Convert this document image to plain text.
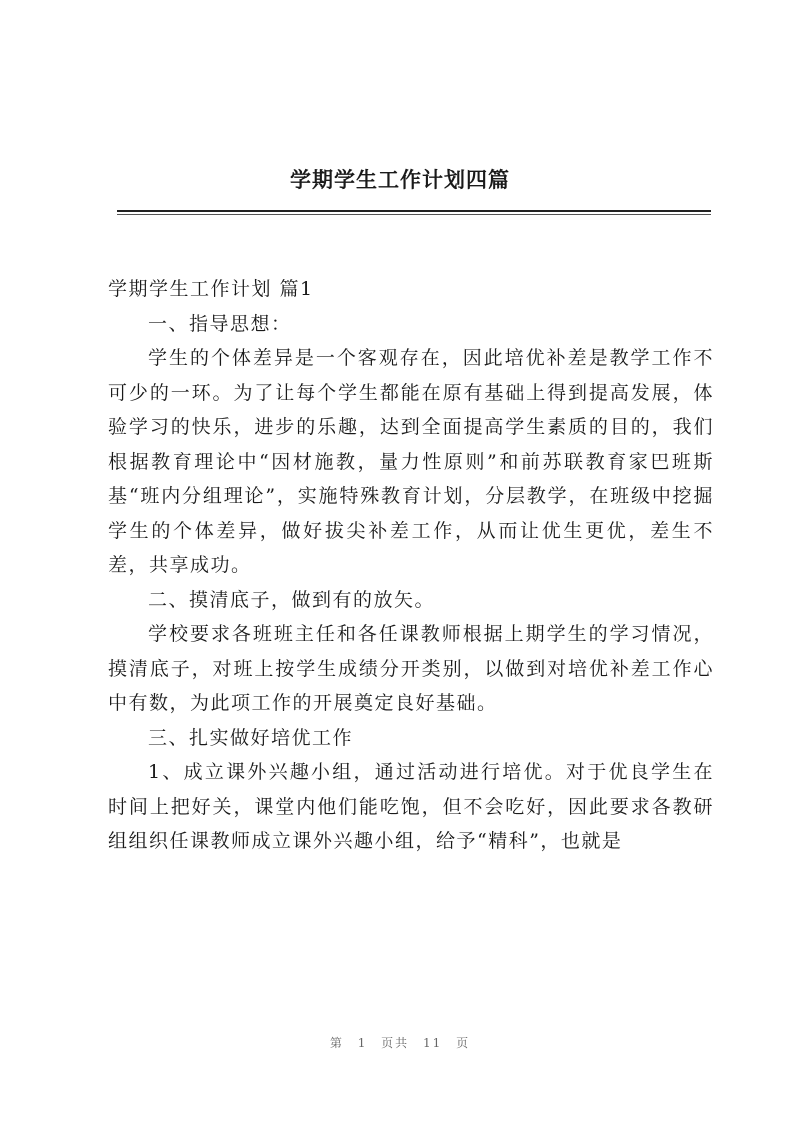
学期学生工作计划四篇

学期学生工作计划 篇1

一、指导思想：

学生的个体差异是一个客观存在，因此培优补差是教学工作不可少的一环。为了让每个学生都能在原有基础上得到提高发展，体验学习的快乐，进步的乐趣，达到全面提高学生素质的目的，我们根据教育理论中“因材施教，量力性原则”和前苏联教育家巴班斯基“班内分组理论”，实施特殊教育计划，分层教学，在班级中挖掘学生的个体差异，做好拔尖补差工作，从而让优生更优，差生不差，共享成功。

二、摸清底子，做到有的放矢。

学校要求各班班主任和各任课教师根据上期学生的学习情况，摸清底子，对班上按学生成绩分开类别，以做到对培优补差工作心中有数，为此项工作的开展奠定良好基础。

三、扎实做好培优工作

1、成立课外兴趣小组，通过活动进行培优。对于优良学生在时间上把好关，课堂内他们能吃饱，但不会吃好，因此要求各教研组组织任课教师成立课外兴趣小组，给予“精科”，也就是

第 1 页共 11 页
